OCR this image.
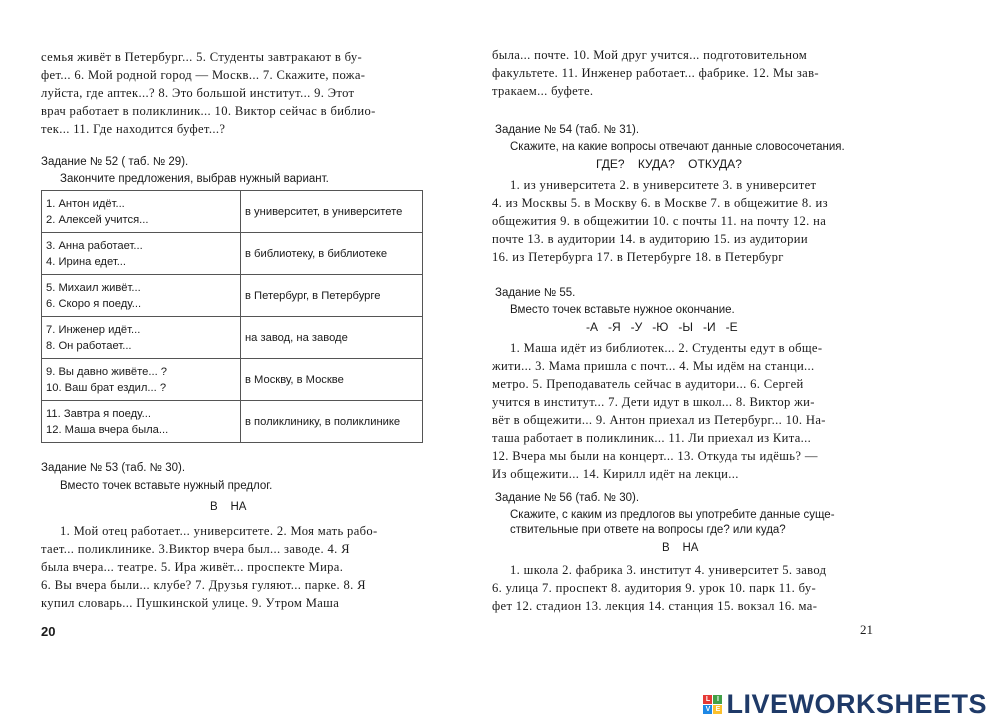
семья живёт в Петербург... 5. Студенты завтракают в бу-
фет... 6. Мой родной город — Москв... 7. Скажите, пожа-
луйста, где аптек...? 8. Это большой институт... 9. Этот
врач работает в поликлиник... 10. Виктор сейчас в библио-
тек... 11. Где находится буфет...?
Задание № 52 ( таб. № 29).
Закончите предложения, выбрав нужный вариант.
1. Антон идёт...
2. Алексей учится...	в университет, в университете

3. Анна работает...
4. Ирина едет...	в библиотеку, в библиотеке

5. Михаил живёт...
6. Скоро я поеду...	в Петербург, в Петербурге

7. Инженер идёт...
8. Он работает...	на завод, на заводе

9. Вы давно живёте... ?
10. Ваш брат ездил... ?	в Москву, в Москве

11. Завтра я поеду...
12. Маша вчера была...	в поликлинику, в поликлинике
Задание № 53 (таб. № 30).
Вместо точек вставьте нужный предлог.
В    НА
1. Мой отец работает... университете. 2. Моя мать рабо-
тает... поликлинике. 3.Виктор вчера был... заводе. 4. Я
была вчера... театре. 5. Ира живёт... проспекте Мира.
6. Вы вчера были... клубе? 7. Друзья гуляют... парке. 8. Я
купил словарь... Пушкинской улице. 9. Утром Маша
20
была... почте. 10. Мой друг учится... подготовительном
факультете. 11. Инженер работает... фабрике. 12. Мы зав-
тракаем... буфете.
Задание № 54 (таб. № 31).
Скажите, на какие вопросы отвечают данные словосочетания.
ГДЕ?    КУДА?    ОТКУДА?
1. из университета 2. в университете 3. в университет
4. из Москвы 5. в Москву 6. в Москве 7. в общежитие 8. из
общежития 9. в общежитии 10. с почты 11. на почту 12. на
почте 13. в аудитории 14. в аудиторию 15. из аудитории
16. из Петербурга 17. в Петербурге 18. в Петербург
Задание № 55.
Вместо точек вставьте нужное окончание.
-А   -Я   -У   -Ю   -Ы   -И   -Е
1. Маша идёт из библиотек... 2. Студенты едут в обще-
жити... 3. Мама пришла с почт... 4. Мы идём на станци...
метро. 5. Преподаватель сейчас в аудитори... 6. Сергей
учится в институт... 7. Дети идут в школ... 8. Виктор жи-
вёт в общежити... 9. Антон приехал из Петербург... 10. На-
таша работает в поликлиник... 11. Ли приехал из Кита...
12. Вчера мы были на концерт... 13. Откуда ты идёшь? —
Из общежити... 14. Кирилл идёт на лекци...
Задание № 56 (таб. № 30).
Скажите, с каким из предлогов вы употребите данные суще-
ствительные при ответе на вопросы где? или куда?
В    НА
1. школа 2. фабрика 3. институт 4. университет 5. завод
6. улица 7. проспект 8. аудитория 9. урок 10. парк 11. бу-
фет 12. стадион 13. лекция 14. станция 15. вокзал 16. ма-
21
L I
V E LIVEWORKSHEETS
